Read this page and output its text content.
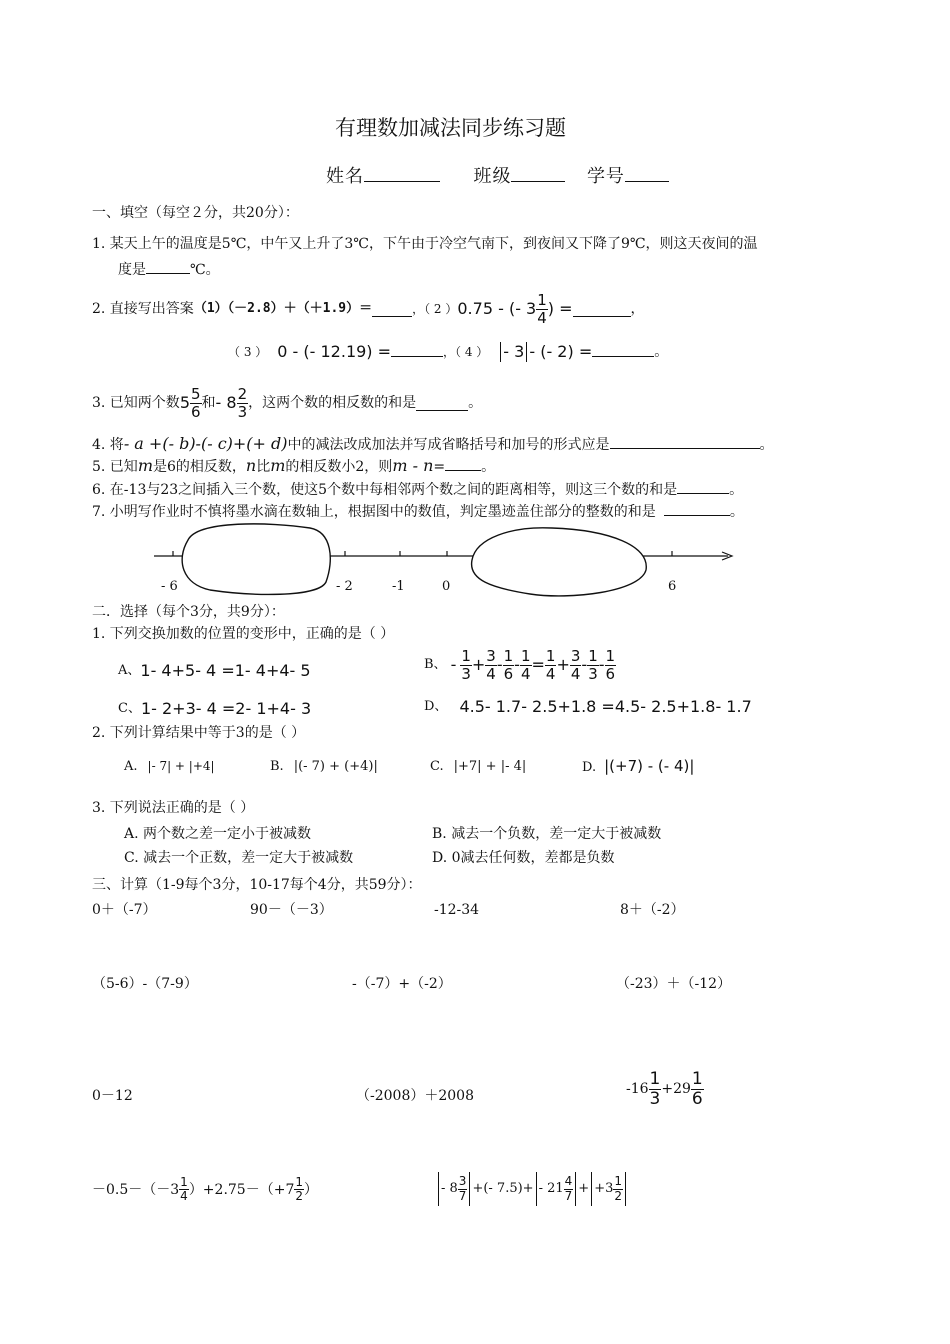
有理数加减法同步练习题
姓名	班级	学号
一、填空（每空２分，共20分）：
1. 某天上午的温度是5℃，中午又上升了3℃，下午由于冷空气南下，到夜间又下降了9℃，则这天夜间的温
度是	℃。
2. 直接写出答案 （1）（－2.8）＋（＋1.9）＝	，（ 2 ） 0.75 - (- $3 \frac{1}{4}$ ) =	，
（ 3 ） 0 - (- 12.19) =	，（ 4 ） - 3 - (- 2) =	。
3. 已知两个数 $5 \frac{5}{6}$ 和 - $8 \frac{2}{3}$ ，这两个数的相反数的和是	。
4. 将- a +(- b)-(- c)+(+ d)中的减法改成加法并写成省略括号和加号的形式应是	。
5. 已知m是6的相反数，n比m的相反数小2，则m - n=	。
6. 在-13与23之间插入三个数，使这5个数中每相邻两个数之间的距离相等，则这三个数的和是	。
7. 小明写作业时不慎将墨水滴在数轴上，根据图中的数值，判定墨迹盖住部分的整数的和是	。
- 6	- 2	-1	0	6
二．选择（每个3分，共9分）：
1. 下列交换加数的位置的变形中，正确的是（ ）
A、 1- 4+5- 4 =1- 4+4- 5	B、 - $\frac{1}{3} + \frac{3}{4} - \frac{1}{6} - \frac{1}{4} = \frac{1}{4} + \frac{3}{4} - \frac{1}{3} - \frac{1}{6}$
C、 1- 2+3- 4 =2- 1+4- 3	D、 4.5- 1.7- 2.5+1.8 =4.5- 2.5+1.8- 1.7
2. 下列计算结果中等于3的是（ ）
A. |- 7| + |+4|	B. |(- 7) + (+4)|	C. |+7| + |- 4|	D. |(+7) - (- 4)|
3. 下列说法正确的是（ ）
A. 两个数之差一定小于被减数	B. 减去一个负数，差一定大于被减数
C. 减去一个正数，差一定大于被减数	D. 0减去任何数，差都是负数
三、计算（1-9每个3分，10-17每个4分，共59分）：
0＋（-7）	90－（－3）	-12-34	8＋（-2）
（5-6）-（7-9）	-（-7）+（-2）	（-23）＋（-12）
0－12	（-2008）＋2008	$-16 \frac{1}{3} +29 \frac{1}{6}$
$-0.5-(-3 \frac{1}{4} )+2.75-(+7 \frac{1}{2}$ ）	- $8 \frac{3}{7}$ +(- $7.5)+ - 21 \frac{4}{7} + +3 \frac{1}{2}$
